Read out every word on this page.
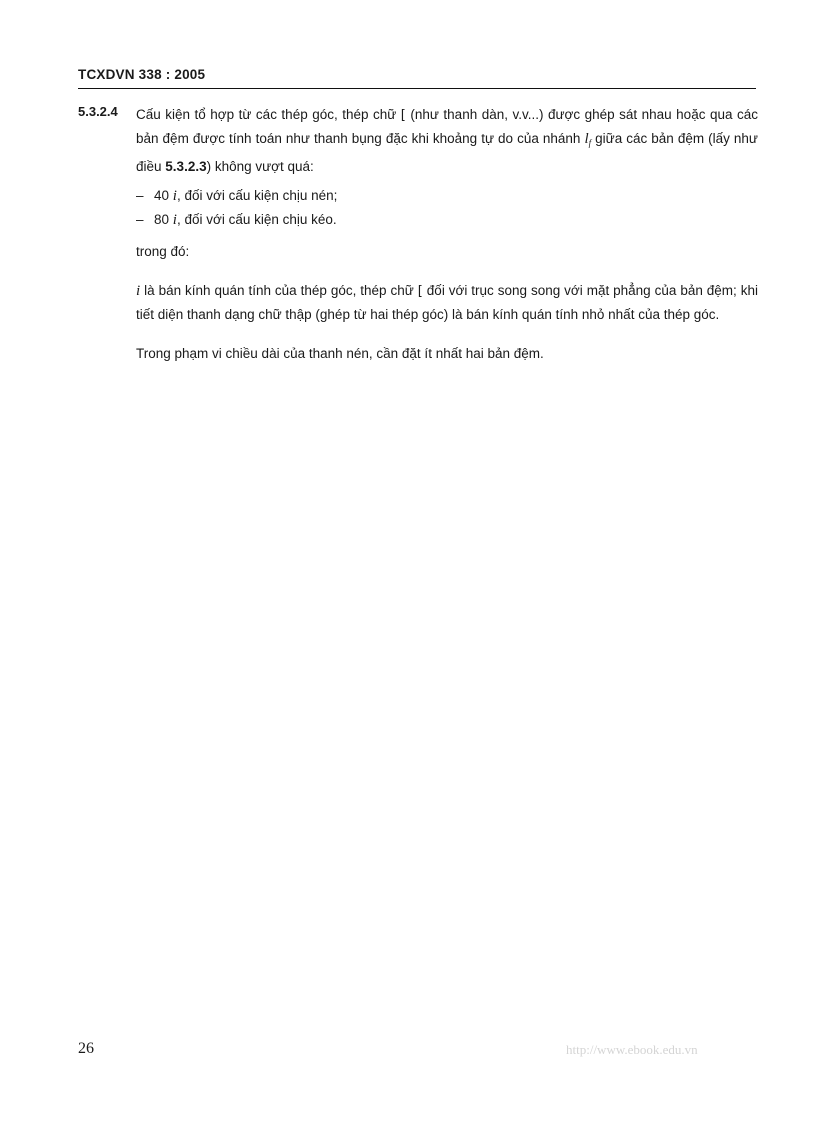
TCXDVN 338 : 2005
5.3.2.4 Cấu kiện tổ hợp từ các thép góc, thép chữ [ (như thanh dàn, v.v...) được ghép sát nhau hoặc qua các bản đệm được tính toán như thanh bụng đặc khi khoảng tự do của nhánh $l_f$ giữa các bản đệm (lấy như điều 5.3.2.3) không vượt quá:

– 40 i, đối với cấu kiện chịu nén;
– 80 i, đối với cấu kiện chịu kéo.

trong đó:

i là bán kính quán tính của thép góc, thép chữ [ đối với trục song song với mặt phẳng của bản đệm; khi tiết diện thanh dạng chữ thập (ghép từ hai thép góc) là bán kính quán tính nhỏ nhất của thép góc.

Trong phạm vi chiều dài của thanh nén, cần đặt ít nhất hai bản đệm.

26	http://www.ebook.edu.vn
